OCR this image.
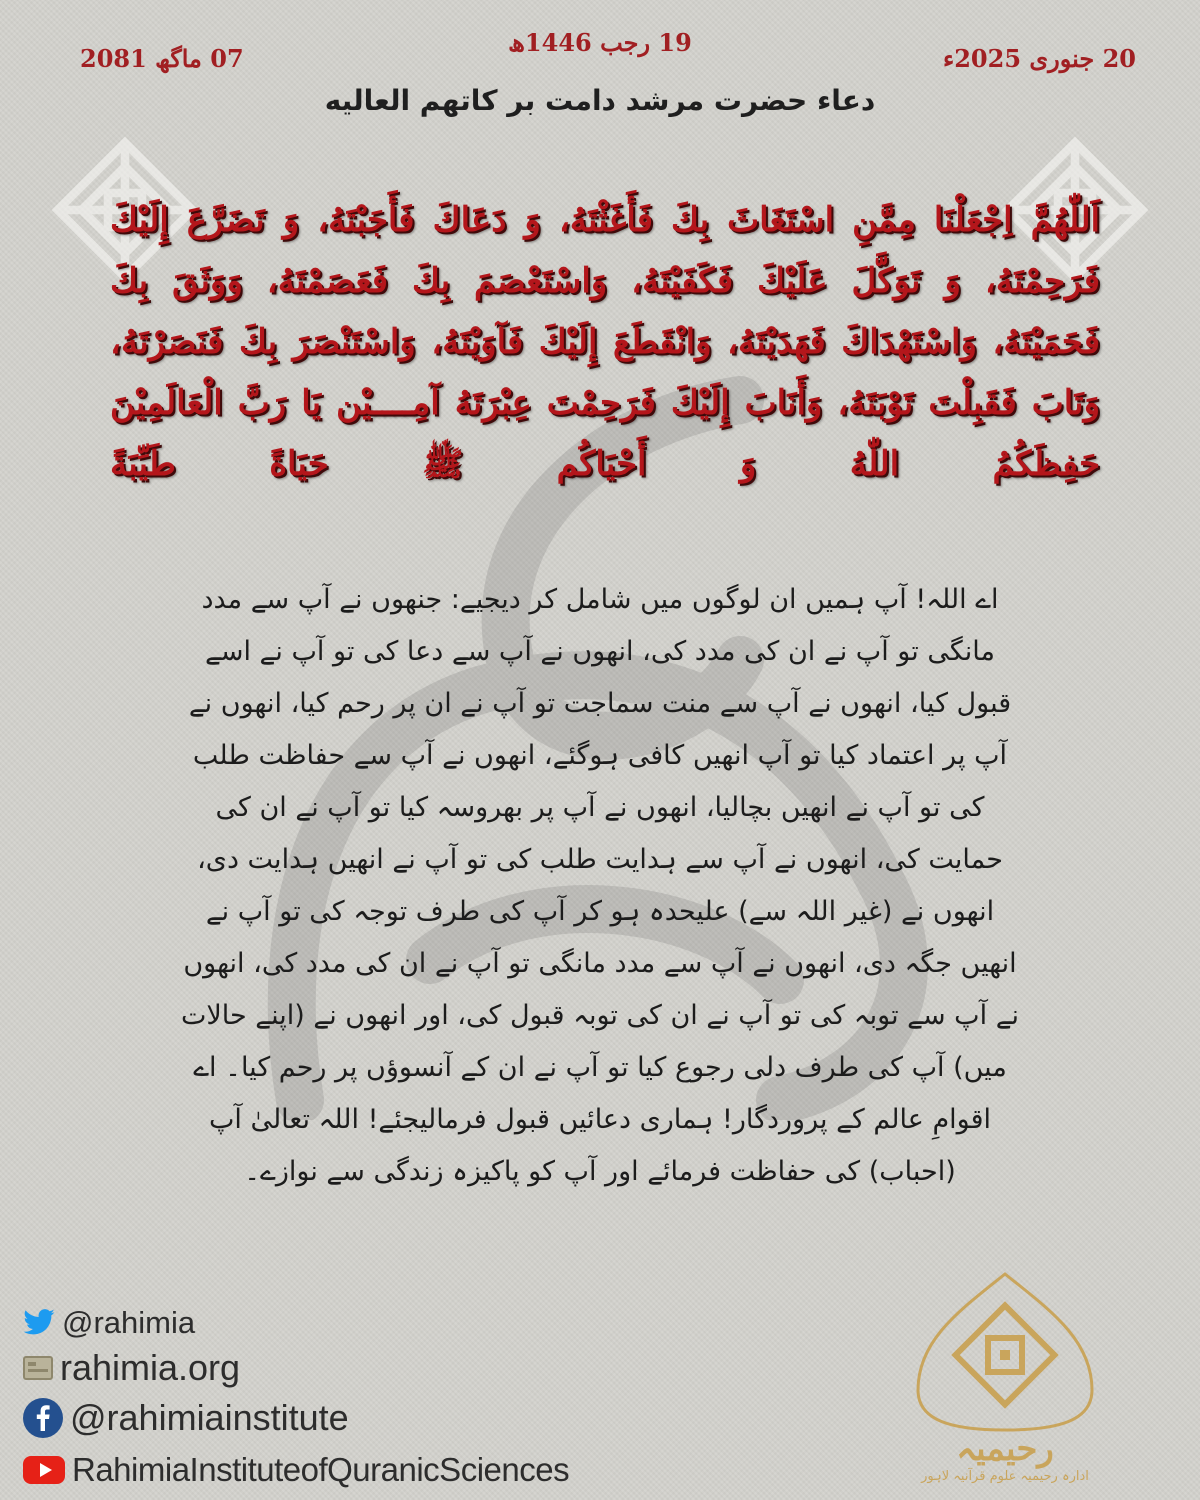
20 جنوری 2025ء
19 رجب 1446ھ
07 ماگھ 2081
دعاء حضرت مرشد دامت بر کاتهم العالیه

اَللّٰهُمَّ اِجْعَلْنَا مِمَّنِ اسْتَغَاثَ بِكَ فَأَغَثْتَهُ، وَ دَعَاكَ فَأَجَبْتَهُ، وَ تَضَرَّعَ إِلَيْكَ فَرَحِمْتَهُ، وَ تَوَكَّلَ عَلَيْكَ فَكَفَيْتَهُ، وَاسْتَعْصَمَ بِكَ فَعَصَمْتَهُ، وَوَثَقَ بِكَ فَحَمَيْتَهُ، وَاسْتَهْدَاكَ فَهَدَيْتَهُ، وَانْقَطَعَ إِلَيْكَ فَآوَيْتَهُ، وَاسْتَنْصَرَ بِكَ فَنَصَرْتَهُ، وَتَابَ فَقَبِلْتَ تَوْبَتَهُ، وَأَنَابَ إِلَيْكَ فَرَحِمْتَ عِبْرَتَهُ آمِــــيْن يَا رَبَّ الْعَالَمِيْنَ حَفِظَكُمُ اللّٰهُ وَ أَحْيَاكُم ﷺ حَيَاةً طَيِّبَةً

اے اللہ! آپ ہمیں ان لوگوں میں شامل کر دیجیے: جنھوں نے آپ سے مدد مانگی تو آپ نے ان کی مدد کی، انھوں نے آپ سے دعا کی تو آپ نے اسے قبول کیا، انھوں نے آپ سے منت سماجت تو آپ نے ان پر رحم کیا، انھوں نے آپ پر اعتماد کیا تو آپ انھیں کافی ہوگئے، انھوں نے آپ سے حفاظت طلب کی تو آپ نے انھیں بچالیا، انھوں نے آپ پر بھروسہ کیا تو آپ نے ان کی حمایت کی، انھوں نے آپ سے ہدایت طلب کی تو آپ نے انھیں ہدایت دی، انھوں نے (غیر اللہ سے) علیحدہ ہو کر آپ کی طرف توجہ کی تو آپ نے انھیں جگہ دی، انھوں نے آپ سے مدد مانگی تو آپ نے ان کی مدد کی، انھوں نے آپ سے توبہ کی تو آپ نے ان کی توبہ قبول کی، اور انھوں نے (اپنے حالات میں) آپ کی طرف دلی رجوع کیا تو آپ نے ان کے آنسوؤں پر رحم کیا۔ اے اقوامِ عالم کے پروردگار! ہماری دعائیں قبول فرمالیجئے! اللہ تعالیٰ آپ (احباب) کی حفاظت فرمائے اور آپ کو پاکیزہ زندگی سے نوازے۔

@rahimia
rahimia.org
@rahimiainstitute
RahimiaInstituteofQuranicSciences
رحیمیہ
ادارہ رحیمیہ علوم قرآنیہ لاہور
